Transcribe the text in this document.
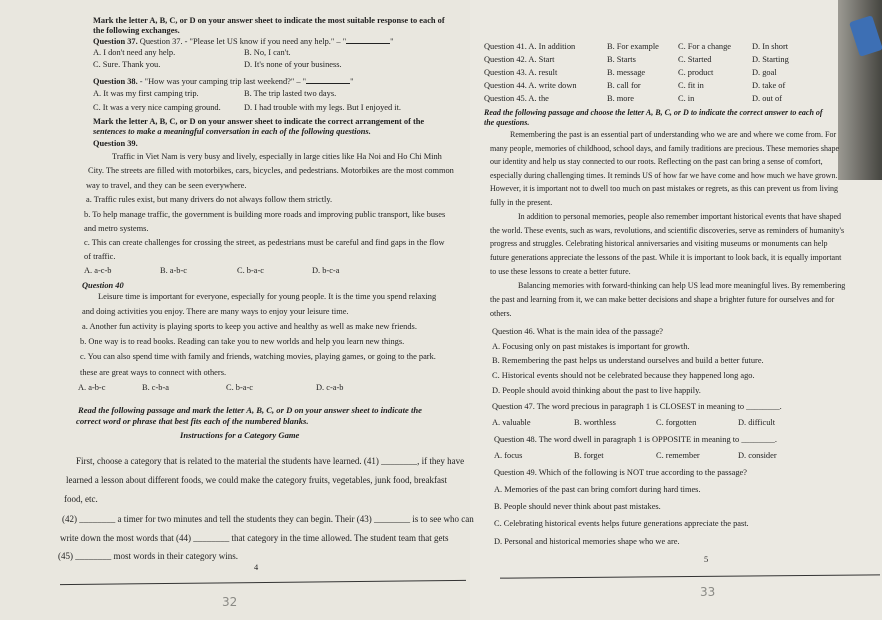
Mark the letter A, B, C, or D on your answer sheet to indicate the most suitable response to each of
the following exchanges.
Question 37. Question 37. - "Please let US know if you need any help." – "	"
A. I don't need any help.	B. No, I can't.
C. Sure. Thank you.	D. It's none of your business.
Question 38. - "How was your camping trip last weekend?" – "	"
A. It was my first camping trip.	B. The trip lasted two days.
C. It was a very nice camping ground.	D. I had trouble with my legs. But I enjoyed it.
Mark the letter A, B, C, or D on your answer sheet to indicate the correct arrangement of the
sentences to make a meaningful conversation in each of the following questions.
Question 39.
Traffic in Viet Nam is very busy and lively, especially in large cities like Ha Noi and Ho Chi Minh
City. The streets are filled with motorbikes, cars, bicycles, and pedestrians. Motorbikes are the most common
way to travel, and they can be seen everywhere.
a. Traffic rules exist, but many drivers do not always follow them strictly.
b. To help manage traffic, the government is building more roads and improving public transport, like buses
and metro systems.
c. This can create challenges for crossing the street, as pedestrians must be careful and find gaps in the flow
of traffic.
A. a-c-b	B. a-b-c	C. b-a-c	D. b-c-a
Question 40
Leisure time is important for everyone, especially for young people. It is the time you spend relaxing
and doing activities you enjoy. There are many ways to enjoy your leisure time.
a. Another fun activity is playing sports to keep you active and healthy as well as make new friends.
b. One way is to read books. Reading can take you to new worlds and help you learn new things.
c. You can also spend time with family and friends, watching movies, playing games, or going to the park.
these are great ways to connect with others.
A. a-b-c	B. c-b-a	C. b-a-c	D. c-a-b
Read the following passage and mark the letter A, B, C, or D on your answer sheet to indicate the
correct word or phrase that best fits each of the numbered blanks.
Instructions for a Category Game
First, choose a category that is related to the material the students have learned. (41) ________, if they have
learned a lesson about different foods, we could make the category fruits, vegetables, junk food, breakfast
food, etc.
(42) ________ a timer for two minutes and tell the students they can begin. Their (43) ________ is to see who can
write down the most words that (44) ________ that category in the time allowed. The student team that gets
(45) ________ most words in their category wins.
4
32
Question 41. A. In addition	B. For example C. For a change D. In short
Question 42. A. Start	B. Starts	C. Started	D. Starting
Question 43. A. result	B. message	C. product	D. goal
Question 44. A. write down	B. call for	C. fit in	D. take of
Question 45. A. the	B. more	C. in	D. out of
Read the following passage and choose the letter A, B, C, or D to indicate the correct answer to each of
the questions.
Remembering the past is an essential part of understanding who we are and where we come from. For
many people, memories of childhood, school days, and family traditions are precious. These memories shape
our identity and help us stay connected to our roots. Reflecting on the past can bring a sense of comfort,
especially during challenging times. It reminds US of how far we have come and how much we have grown.
However, it is important not to dwell too much on past mistakes or regrets, as this can prevent us from living
fully in the present.
In addition to personal memories, people also remember important historical events that have shaped
the world. These events, such as wars, revolutions, and scientific discoveries, serve as reminders of humanity's
progress and struggles. Celebrating historical anniversaries and visiting museums or monuments can help
future generations appreciate the lessons of the past. While it is important to look back, it is equally important
to use these lessons to create a better future.
Balancing memories with forward-thinking can help US lead more meaningful lives. By remembering
the past and learning from it, we can make better decisions and shape a brighter future for ourselves and for
others.
Question 46. What is the main idea of the passage?
A. Focusing only on past mistakes is important for growth.
B. Remembering the past helps us understand ourselves and build a better future.
C. Historical events should not be celebrated because they happened long ago.
D. People should avoid thinking about the past to live happily.
Question 47. The word precious in paragraph 1 is CLOSEST in meaning to ________.
A. valuable	B. worthless	C. forgotten	D. difficult
Question 48. The word dwell in paragraph 1 is OPPOSITE in meaning to ________.
A. focus	B. forget	C. remember	D. consider
Question 49. Which of the following is NOT true according to the passage?
A. Memories of the past can bring comfort during hard times.
B. People should never think about past mistakes.
C. Celebrating historical events helps future generations appreciate the past.
D. Personal and historical memories shape who we are.
5
33
